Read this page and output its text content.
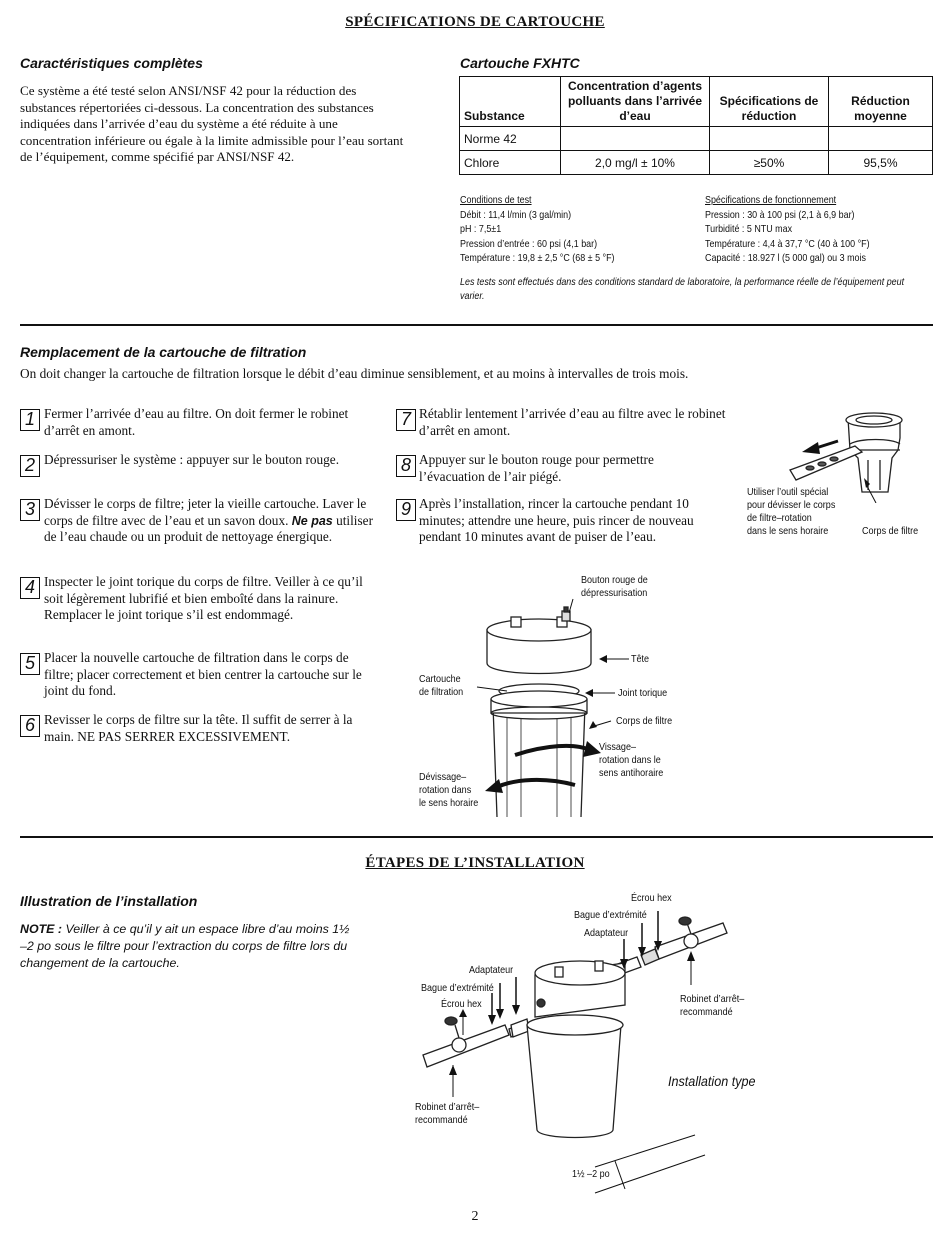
SPÉCIFICATIONS DE CARTOUCHE
Caractéristiques complètes
Ce système a été testé selon ANSI/NSF 42 pour la réduction des substances répertoriées ci-dessous. La concentration des substances indiquées dans l’arrivée d’eau du système a été réduite à une concentration inférieure ou égale à la limite admissible pour l’eau sortant de l’équipement, comme spécifié par ANSI/NSF 42.
Cartouche FXHTC
Substance	Concentration d’agents polluants dans l’arrivée d’eau	Spécifications de réduction	Réduction moyenne
Norme 42			
Chlore	2,0 mg/l ± 10%	≥50%	95,5%
Conditions de test
Débit : 11,4 l/min (3 gal/min)
pH : 7,5±1
Pression d’entrée : 60 psi (4,1 bar)
Température : 19,8 ± 2,5 °C (68 ± 5 °F)
Spécifications de fonctionnement
Pression : 30 à 100 psi (2,1 à 6,9 bar)
Turbidité : 5 NTU max
Température : 4,4 à 37,7 °C (40 à 100 °F)
Capacité : 18.927 l (5 000 gal) ou 3 mois
Les tests sont effectués dans des conditions standard de laboratoire, la performance réelle de l’équipement peut varier.
Remplacement de la cartouche de filtration
On doit changer la cartouche de filtration lorsque le débit d’eau diminue sensiblement, et au moins à intervalles de trois mois.
1 Fermer l’arrivée d’eau au filtre. On doit fermer le robinet d’arrêt en amont.
2 Dépressuriser le système : appuyer sur le bouton rouge.
3 Dévisser le corps de filtre; jeter la vieille cartouche. Laver le corps de filtre avec de l’eau et un savon doux. Ne pas utiliser de l’eau chaude ou un produit de nettoyage énergique.
4 Inspecter le joint torique du corps de filtre. Veiller à ce qu’il soit légèrement lubrifié et bien emboîté dans la rainure. Remplacer le joint torique s’il est endommagé.
5 Placer la nouvelle cartouche de filtration dans le corps de filtre; placer correctement et bien centrer la cartouche sur le joint du fond.
6 Revisser le corps de filtre sur la tête. Il suffit de serrer à la main. NE PAS SERRER EXCESSIVEMENT.
7 Rétablir lentement l’arrivée d’eau au filtre avec le robinet d’arrêt en amont.
8 Appuyer sur le bouton rouge pour permettre l’évacuation de l’air piégé.
9 Après l’installation, rincer la cartouche pendant 10 minutes; attendre une heure, puis rincer de nouveau pendant 10 minutes avant de puiser de l’eau.
Utiliser l’outil spécial
pour dévisser le corps
de filtre–rotation
dans le sens horaire	Corps de filtre
Bouton rouge de
dépressurisation
Tête
Cartouche
de filtration	Joint torique
Corps de filtre
Vissage–
rotation dans le
sens antihoraire
Dévissage–
rotation dans
le sens horaire
ÉTAPES DE L’INSTALLATION
Illustration de l’installation
NOTE : Veiller à ce qu’il y ait un espace libre d’au moins 1½ –2 po sous le filtre pour l’extraction du corps de filtre lors du changement de la cartouche.
Écrou hex
Bague d’extrémité
Adaptateur
Adaptateur
Bague d’extrémité
Écrou hex	Robinet d’arrêt–
recommandé
Robinet d’arrêt–
recommandé
Installation type
1½ –2 po
2
